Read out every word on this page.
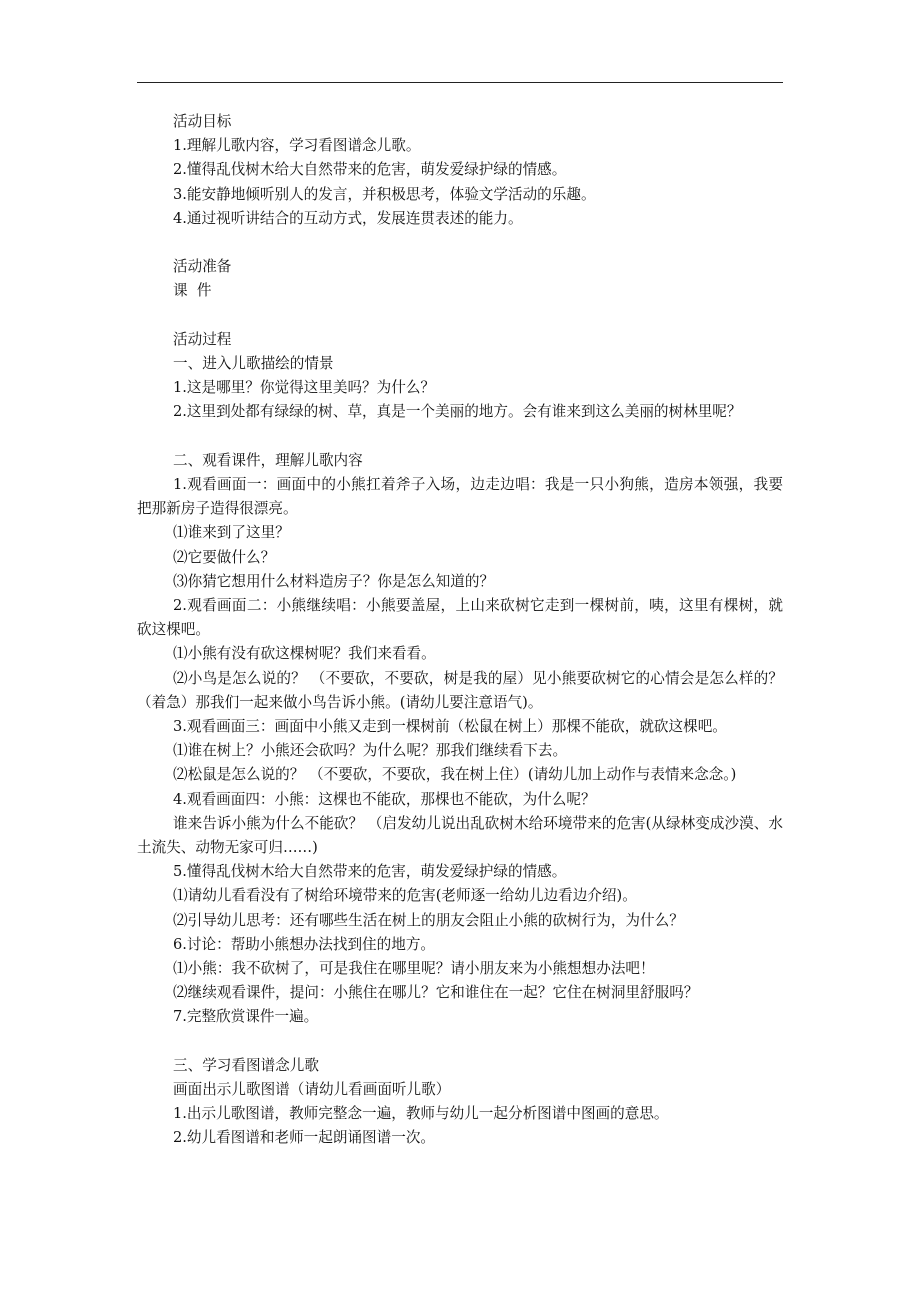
活动目标

1.理解儿歌内容，学习看图谱念儿歌。

2.懂得乱伐树木给大自然带来的危害，萌发爱绿护绿的情感。

3.能安静地倾听别人的发言，并积极思考，体验文学活动的乐趣。

4.通过视听讲结合的互动方式，发展连贯表述的能力。

活动准备

课  件

活动过程

一、进入儿歌描绘的情景

1.这是哪里？你觉得这里美吗？为什么？

2.这里到处都有绿绿的树、草，真是一个美丽的地方。会有谁来到这么美丽的树林里呢？

二、观看课件，理解儿歌内容

1.观看画面一：画面中的小熊扛着斧子入场，边走边唱：我是一只小狗熊，造房本领强，我要把那新房子造得很漂亮。

⑴谁来到了这里？

⑵它要做什么？

⑶你猜它想用什么材料造房子？你是怎么知道的？

2.观看画面二：小熊继续唱：小熊要盖屋，上山来砍树它走到一棵树前，咦，这里有棵树，就砍这棵吧。

⑴小熊有没有砍这棵树呢？我们来看看。

⑵小鸟是怎么说的？ （不要砍，不要砍，树是我的屋）见小熊要砍树它的心情会是怎么样的？ （着急）那我们一起来做小鸟告诉小熊。(请幼儿要注意语气)。

3.观看画面三：画面中小熊又走到一棵树前（松鼠在树上）那棵不能砍，就砍这棵吧。

⑴谁在树上？小熊还会砍吗？为什么呢？那我们继续看下去。

⑵松鼠是怎么说的？ （不要砍，不要砍，我在树上住）(请幼儿加上动作与表情来念念。)

4.观看画面四：小熊：这棵也不能砍，那棵也不能砍，为什么呢？

谁来告诉小熊为什么不能砍？ （启发幼儿说出乱砍树木给环境带来的危害(从绿林变成沙漠、水土流失、动物无家可归……)

5.懂得乱伐树木给大自然带来的危害，萌发爱绿护绿的情感。

⑴请幼儿看看没有了树给环境带来的危害(老师逐一给幼儿边看边介绍)。

⑵引导幼儿思考：还有哪些生活在树上的朋友会阻止小熊的砍树行为，为什么？

6.讨论：帮助小熊想办法找到住的地方。

⑴小熊：我不砍树了，可是我住在哪里呢？请小朋友来为小熊想想办法吧！

⑵继续观看课件，提问：小熊住在哪儿？它和谁住在一起？它住在树洞里舒服吗？

7.完整欣赏课件一遍。

三、学习看图谱念儿歌

画面出示儿歌图谱（请幼儿看画面听儿歌）

1.出示儿歌图谱，教师完整念一遍，教师与幼儿一起分析图谱中图画的意思。

2.幼儿看图谱和老师一起朗诵图谱一次。
